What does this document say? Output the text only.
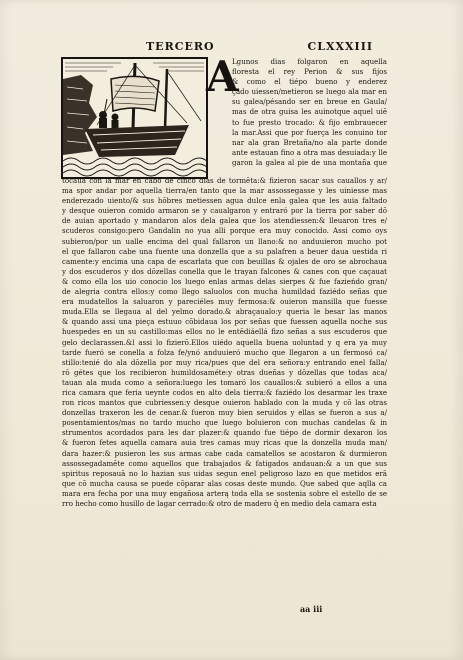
TERCERO	CLXXXIII
A
Lgunos dias folgaron en aquella
floresta el rey Perion & sus fijos
& como el tiépo bueno y enderez
çado uiessen/metieron se luego ala mar en
su galea/pésando ser en breue en Gaula/
mas de otra guisa les auinotque aquel uiē
to fue presto trocado: & fijo embrauecer
la mar.Assi que por fuerça les conuino tor
nar ala gran Bretaña/no ala parte donde
ante estauan fino a otra mas desuiada:y lle
garon la galea al pie de una montaña que
tocaua con la mar en cabo de cinco dias de tormēta:& fizieron sacar sus cauallos y ar/
ma spor andar por aquella tierra/en tanto que la mar assossegasse y les uiniesse mas
enderezado uiento/& sus hōbres metiessen agua dulce enla galea que les auia faltado
y desque ouieron comido armaron se y caualgaron y entraró por la tierra por saber dō
de auian aportado y mandaron alos dela galea que los atendiessen:& lleuaron tres e/
scuderos consigo:pero Gandalin no yua alli porque era muy conocido. Assi como oys
subieron/por un ualle encima del qual fallaron un llano:& no anduuieron mucho pot
el que fallaron cabe una fuente una donzella que a su palafren a beuer daua uestida ri
camente:y encima una capa de escarlata que con beuillas & ojales de oro se abrochaua
y dos escuderos y dos dōzellas conella que le trayan falcones & canes con que caçauat
& como ella los uio conocio los luego enlas armas delas sierpes & fue fazieńdo gran/
de alegria contra ellos:y como llego saluolos con mucha humildad faziédo señas que
era mudatellos la saluaron y pareciéles muy fermosa:& ouieron mansilla que fuesse
muda.Ella se llegaua al del yelmo dorado.& abraçaualo:y queria le besar las manos
& quando assi una pieça estuuo cōbidaua los por señas que fuessen aquella noche sus
huespedes en un su castillo:mas ellos no le entēdiáellá fizo señas a sus escuderos que
gelo declarassen.&l assi lo fizierō.Ellos uiédo aquella buena uoluntad y q era ya muy
tarde fueró se conella a folza fe/ynó anduuieró mucho que llegaron a un fermosó ca/
stillo:tenié do ala dōzella por muy rica/pues que del era señora:y entrando enel falla/
rō gétes que los recibieron humildosaméte:y otras dueñas y dōzellas que todas aca/
tauan ala muda como a señora:luego les tomaró los cauallos:& subieró a ellos a una
rica camara que feria ueynte codos en alto dela tierra:& faziédo los desarmar les traxe
ron ricos mantos que cubriessen:y desque ouieron hablado con la muda y cō las otras
donzellas traxeron les de cenar.& fueron muy bien seruidos y ellas se fueron a sus a/
posentamientos/mas no tardo mucho que luego boluieron con muchas candelas & in
strumentos acordados para les dar plazer:& quando fue tiépo de dormir dexaron los
& fueron fetes aquella camara auia tres camas muy ricas que la donzella muda man/
dara hazer:& pusieron les sus armas cabe cada camatellos se acostaron & durmieron
assossegadamēte como aquellos que trabajados & fatigados andauan:& a un que sus
spiritus reposauā no lo hazian sus uidas segun enel peligroso lazo en que metidos erā
que cō mucha causa se puede cōparar alas cosas deste mundo. Que sabed que aqlla ca
mara era fecha por una muy engañosa arterą toda ella se sostenia sobre el estello de se
rro hecho como husillo de lagar cerrado:& otro de madero q̄ en medio dela camara esta
aa iii
